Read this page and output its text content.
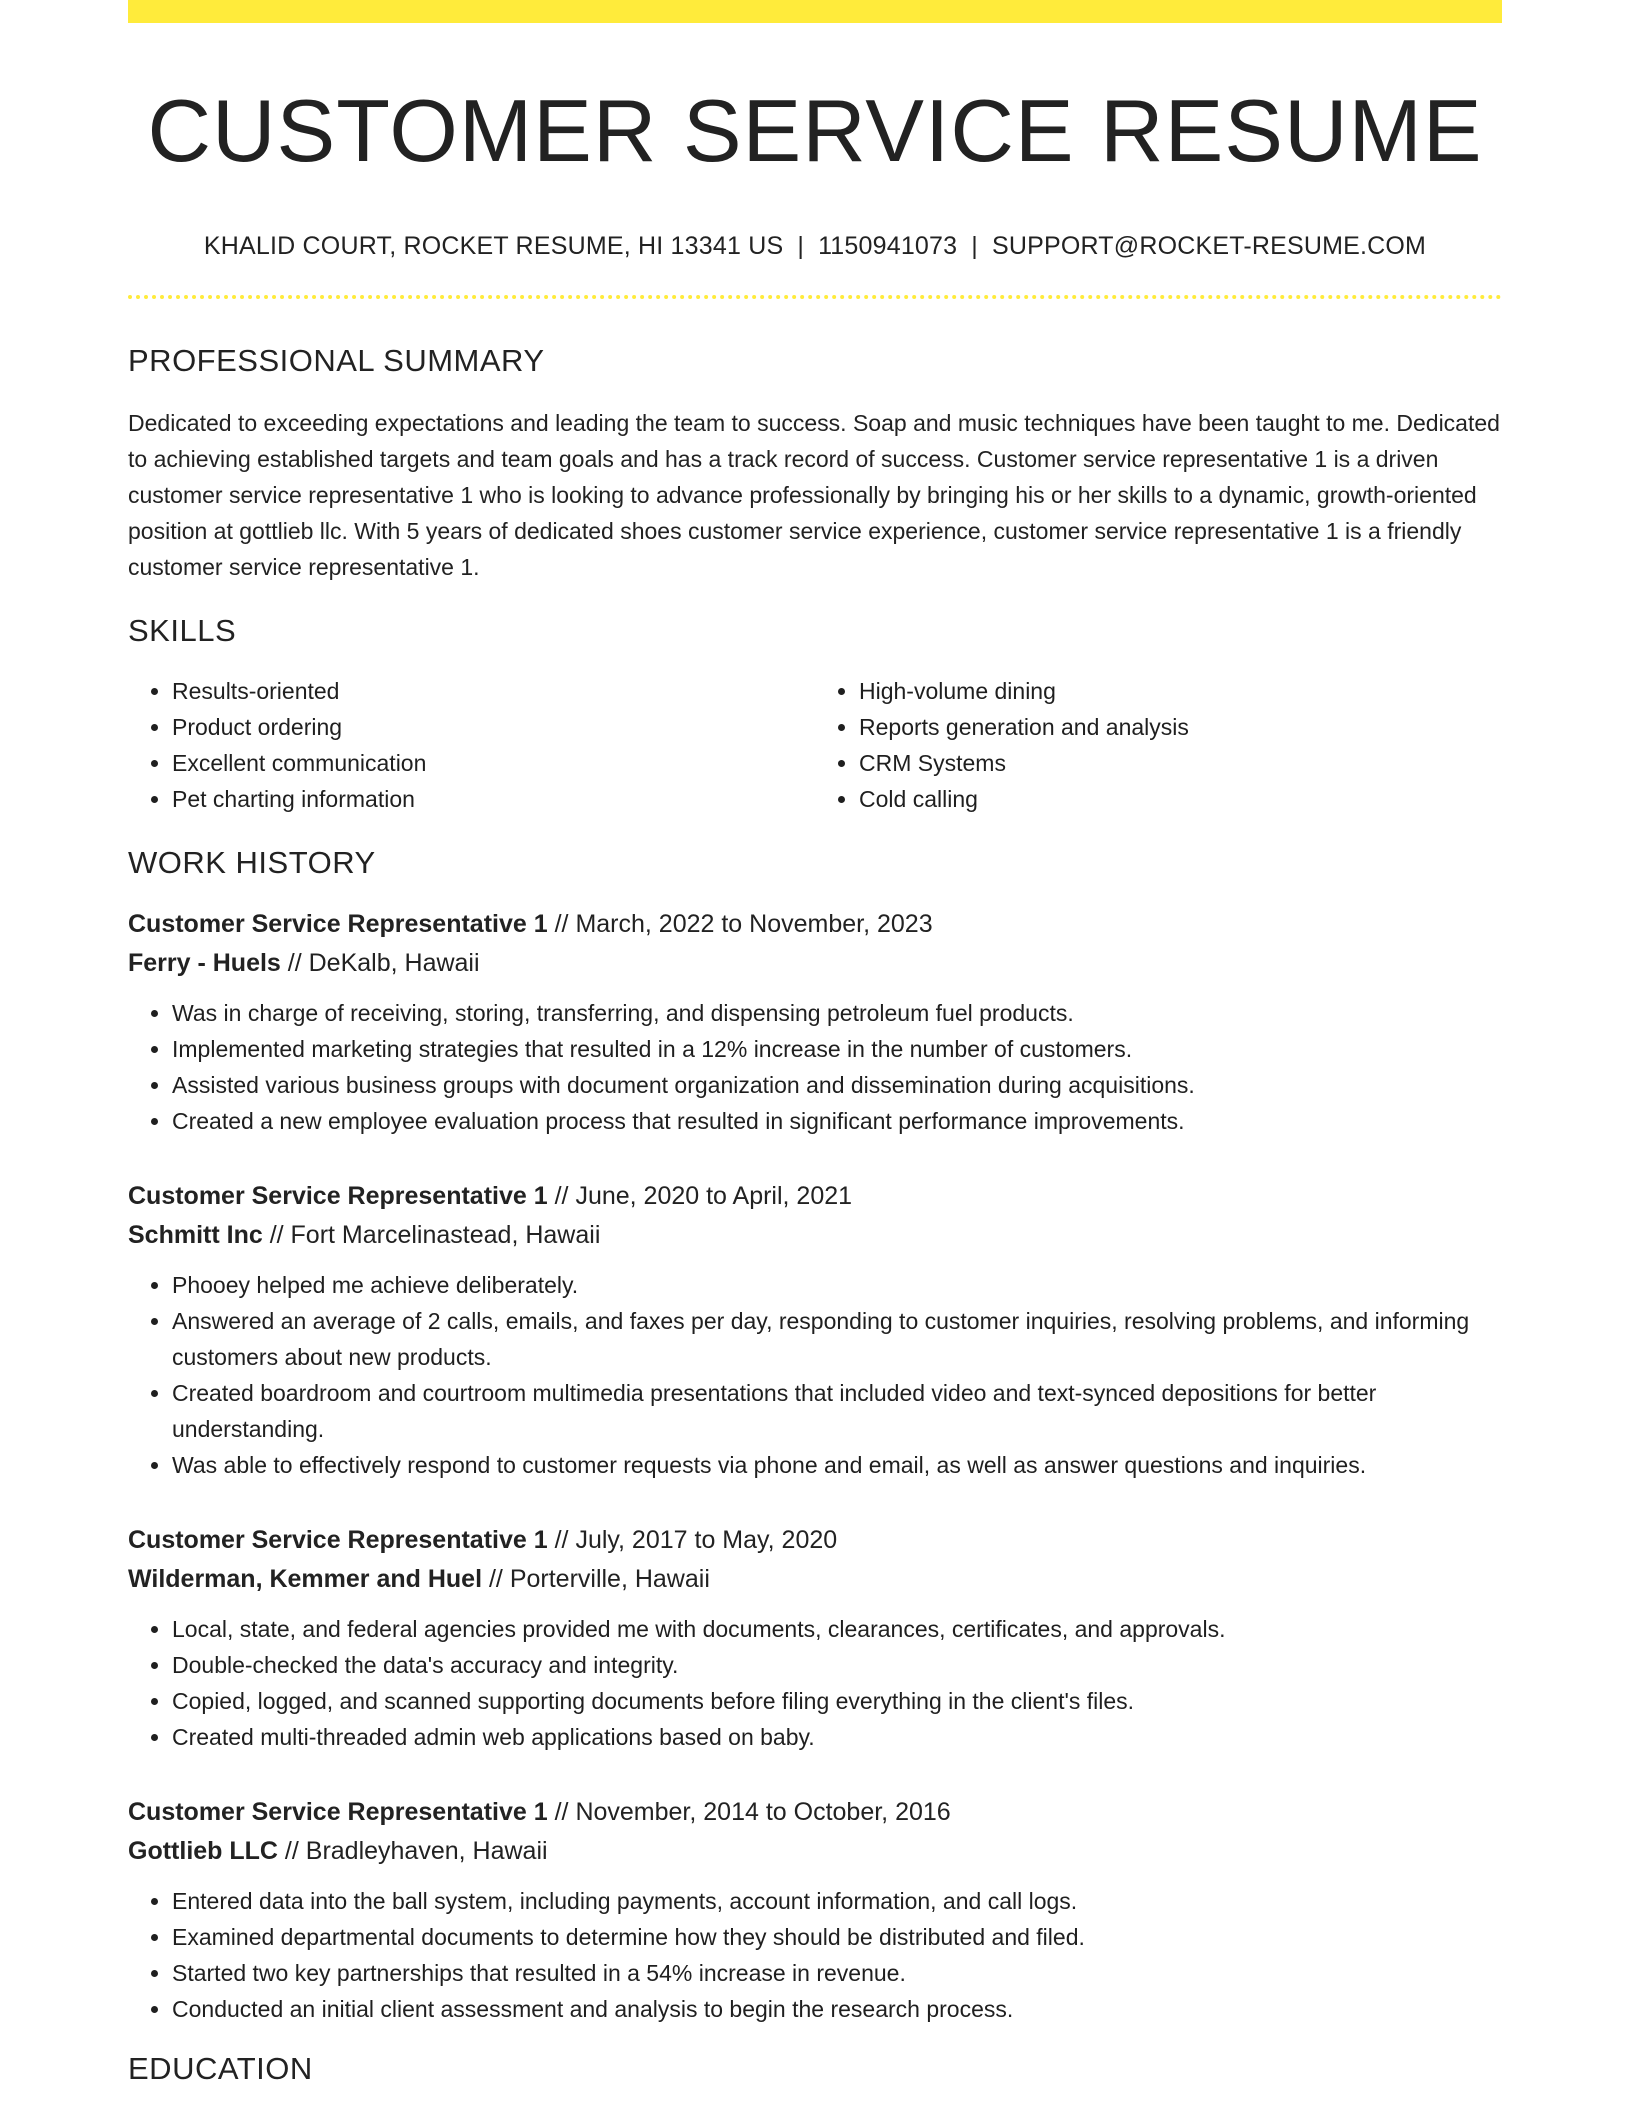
CUSTOMER SERVICE RESUME
KHALID COURT, ROCKET RESUME, HI 13341 US | 1150941073 | SUPPORT@ROCKET-RESUME.COM
PROFESSIONAL SUMMARY
Dedicated to exceeding expectations and leading the team to success. Soap and music techniques have been taught to me. Dedicated to achieving established targets and team goals and has a track record of success. Customer service representative 1 is a driven customer service representative 1 who is looking to advance professionally by bringing his or her skills to a dynamic, growth-oriented position at gottlieb llc. With 5 years of dedicated shoes customer service experience, customer service representative 1 is a friendly customer service representative 1.
SKILLS
• Results-oriented
• Product ordering
• Excellent communication
• Pet charting information
• High-volume dining
• Reports generation and analysis
• CRM Systems
• Cold calling
WORK HISTORY
Customer Service Representative 1 // March, 2022 to November, 2023
Ferry - Huels // DeKalb, Hawaii
• Was in charge of receiving, storing, transferring, and dispensing petroleum fuel products.
• Implemented marketing strategies that resulted in a 12% increase in the number of customers.
• Assisted various business groups with document organization and dissemination during acquisitions.
• Created a new employee evaluation process that resulted in significant performance improvements.
Customer Service Representative 1 // June, 2020 to April, 2021
Schmitt Inc // Fort Marcelinastead, Hawaii
• Phooey helped me achieve deliberately.
• Answered an average of 2 calls, emails, and faxes per day, responding to customer inquiries, resolving problems, and informing customers about new products.
• Created boardroom and courtroom multimedia presentations that included video and text-synced depositions for better understanding.
• Was able to effectively respond to customer requests via phone and email, as well as answer questions and inquiries.
Customer Service Representative 1 // July, 2017 to May, 2020
Wilderman, Kemmer and Huel // Porterville, Hawaii
• Local, state, and federal agencies provided me with documents, clearances, certificates, and approvals.
• Double-checked the data's accuracy and integrity.
• Copied, logged, and scanned supporting documents before filing everything in the client's files.
• Created multi-threaded admin web applications based on baby.
Customer Service Representative 1 // November, 2014 to October, 2016
Gottlieb LLC // Bradleyhaven, Hawaii
• Entered data into the ball system, including payments, account information, and call logs.
• Examined departmental documents to determine how they should be distributed and filed.
• Started two key partnerships that resulted in a 54% increase in revenue.
• Conducted an initial client assessment and analysis to begin the research process.
EDUCATION
